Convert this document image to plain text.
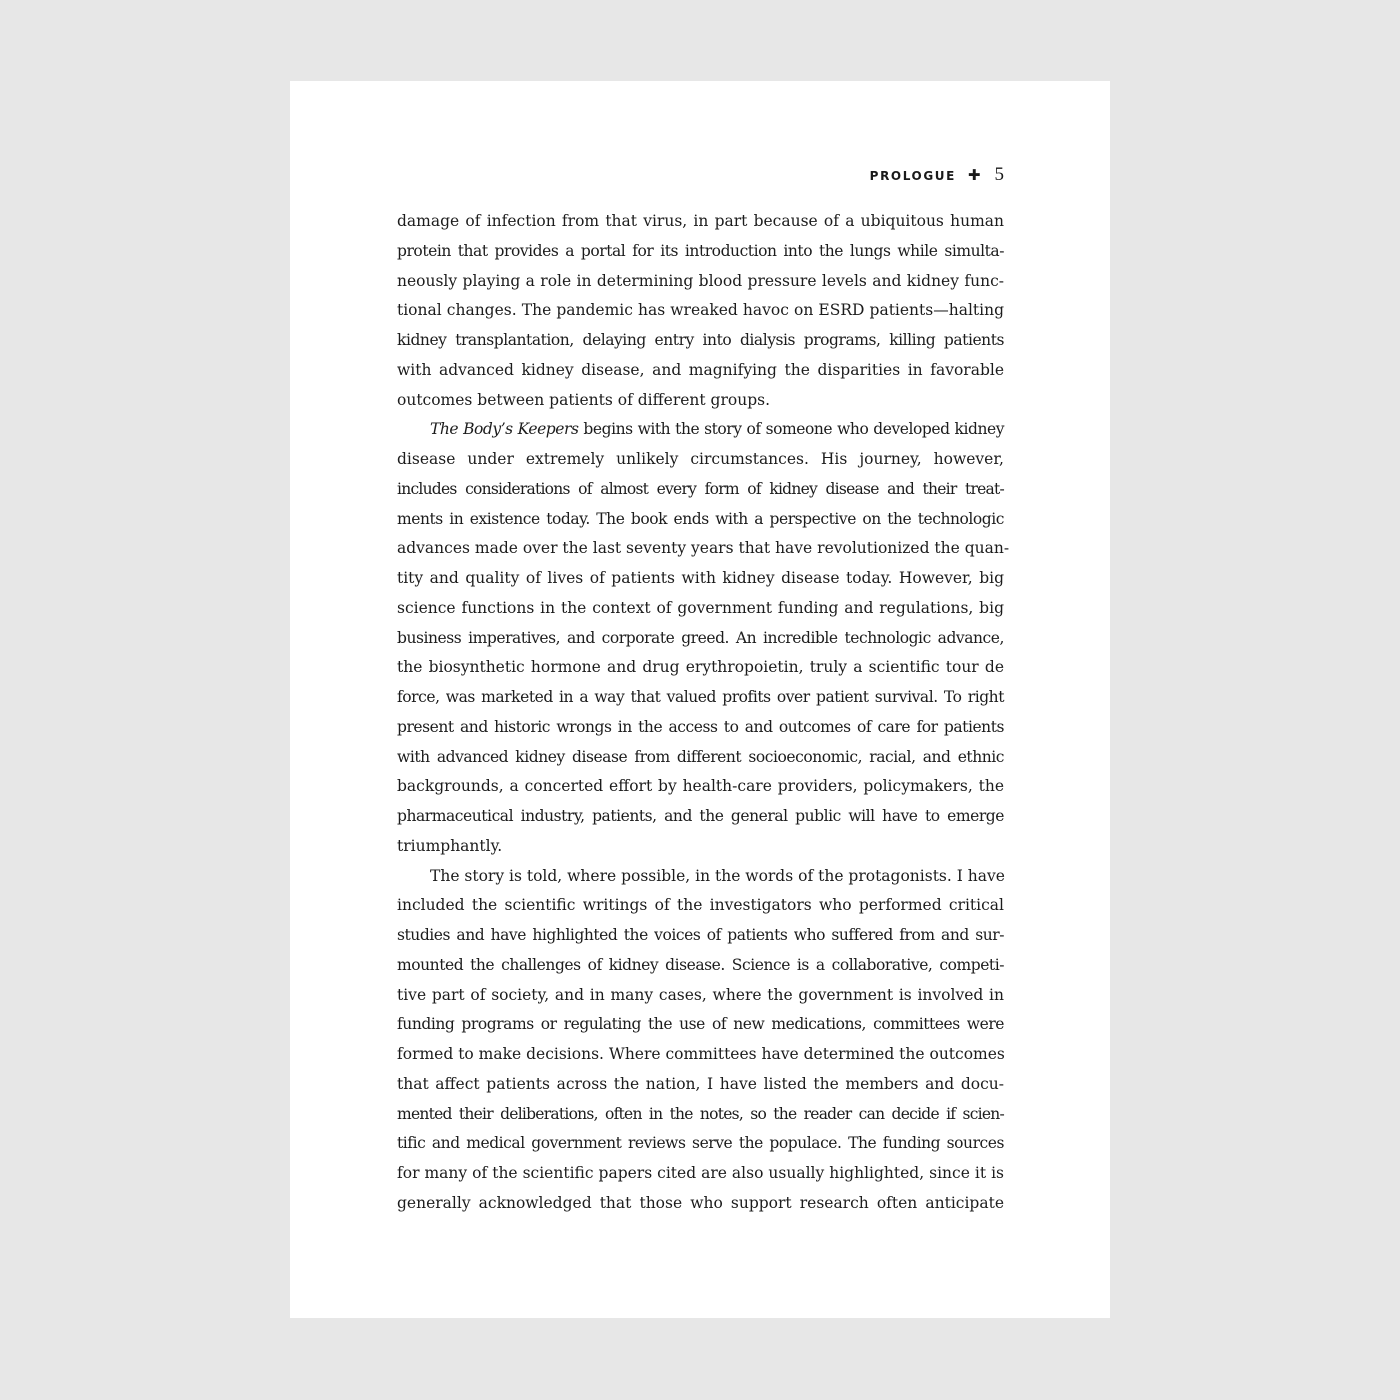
PROLOGUE ✚ 5

damage of infection from that virus, in part because of a ubiquitous human
protein that provides a portal for its introduction into the lungs while simulta-
neously playing a role in determining blood pressure levels and kidney func-
tional changes. The pandemic has wreaked havoc on ESRD patients—halting
kidney transplantation, delaying entry into dialysis programs, killing patients
with advanced kidney disease, and magnifying the disparities in favorable
outcomes between patients of different groups.

The Body’s Keepers begins with the story of someone who developed kidney
disease under extremely unlikely circumstances. His journey, however,
includes considerations of almost every form of kidney disease and their treat-
ments in existence today. The book ends with a perspective on the technologic
advances made over the last seventy years that have revolutionized the quan-
tity and quality of lives of patients with kidney disease today. However, big
science functions in the context of government funding and regulations, big
business imperatives, and corporate greed. An incredible technologic advance,
the biosynthetic hormone and drug erythropoietin, truly a scientific tour de
force, was marketed in a way that valued profits over patient survival. To right
present and historic wrongs in the access to and outcomes of care for patients
with advanced kidney disease from different socioeconomic, racial, and ethnic
backgrounds, a concerted effort by health-care providers, policymakers, the
pharmaceutical industry, patients, and the general public will have to emerge
triumphantly.

The story is told, where possible, in the words of the protagonists. I have
included the scientific writings of the investigators who performed critical
studies and have highlighted the voices of patients who suffered from and sur-
mounted the challenges of kidney disease. Science is a collaborative, competi-
tive part of society, and in many cases, where the government is involved in
funding programs or regulating the use of new medications, committees were
formed to make decisions. Where committees have determined the outcomes
that affect patients across the nation, I have listed the members and docu-
mented their deliberations, often in the notes, so the reader can decide if scien-
tific and medical government reviews serve the populace. The funding sources
for many of the scientific papers cited are also usually highlighted, since it is
generally acknowledged that those who support research often anticipate
